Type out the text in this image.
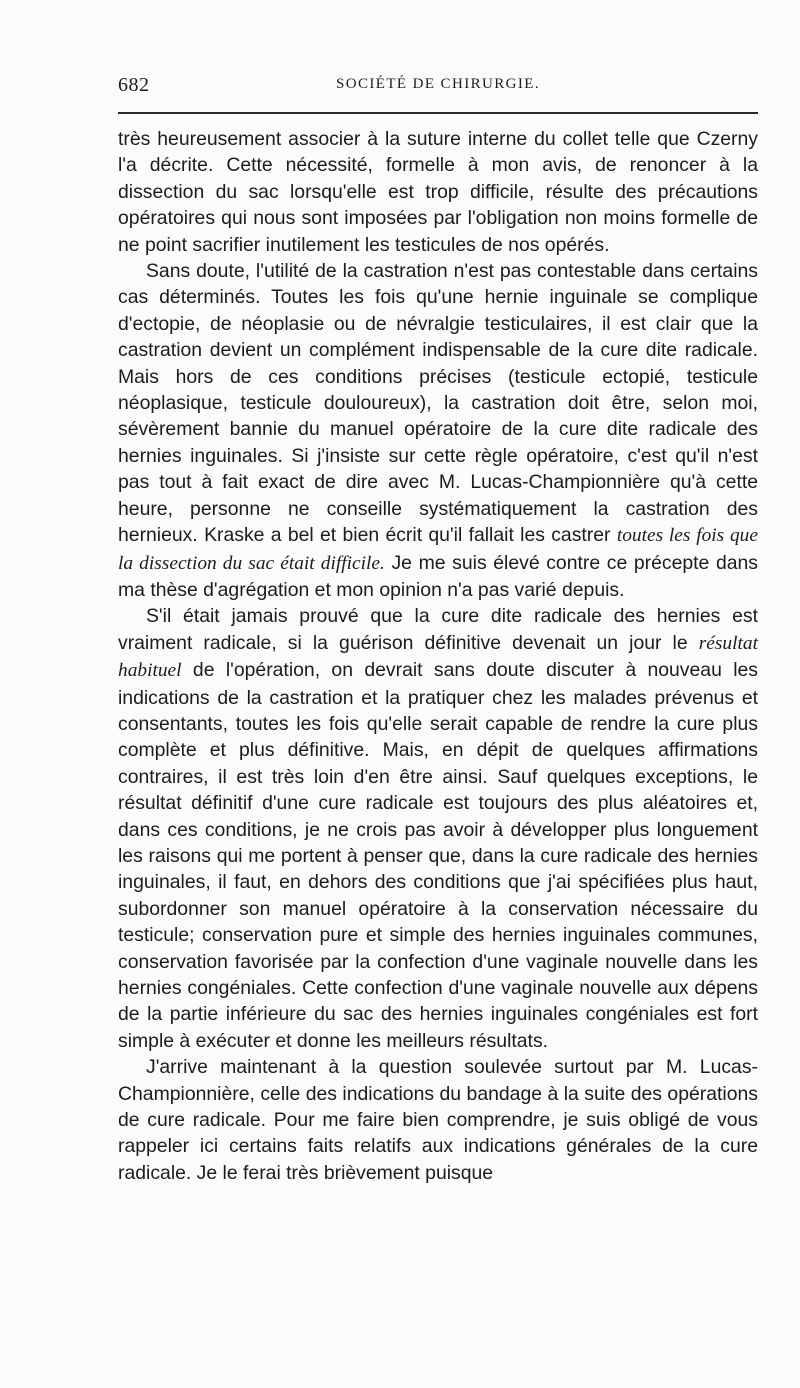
682	SOCIÉTÉ DE CHIRURGIE.

très heureusement associer à la suture interne du collet telle que Czerny l'a décrite. Cette nécessité, formelle à mon avis, de renoncer à la dissection du sac lorsqu'elle est trop difficile, résulte des précautions opératoires qui nous sont imposées par l'obligation non moins formelle de ne point sacrifier inutilement les testicules de nos opérés.

Sans doute, l'utilité de la castration n'est pas contestable dans certains cas déterminés. Toutes les fois qu'une hernie inguinale se complique d'ectopie, de néoplasie ou de névralgie testiculaires, il est clair que la castration devient un complément indispensable de la cure dite radicale. Mais hors de ces conditions précises (testicule ectopié, testicule néoplasique, testicule douloureux), la castration doit être, selon moi, sévèrement bannie du manuel opératoire de la cure dite radicale des hernies inguinales. Si j'insiste sur cette règle opératoire, c'est qu'il n'est pas tout à fait exact de dire avec M. Lucas-Championnière qu'à cette heure, personne ne conseille systématiquement la castration des hernieux. Kraske a bel et bien écrit qu'il fallait les castrer toutes les fois que la dissection du sac était difficile. Je me suis élevé contre ce précepte dans ma thèse d'agrégation et mon opinion n'a pas varié depuis.

S'il était jamais prouvé que la cure dite radicale des hernies est vraiment radicale, si la guérison définitive devenait un jour le résultat habituel de l'opération, on devrait sans doute discuter à nouveau les indications de la castration et la pratiquer chez les malades prévenus et consentants, toutes les fois qu'elle serait capable de rendre la cure plus complète et plus définitive. Mais, en dépit de quelques affirmations contraires, il est très loin d'en être ainsi. Sauf quelques exceptions, le résultat définitif d'une cure radicale est toujours des plus aléatoires et, dans ces conditions, je ne crois pas avoir à développer plus longuement les raisons qui me portent à penser que, dans la cure radicale des hernies inguinales, il faut, en dehors des conditions que j'ai spécifiées plus haut, subordonner son manuel opératoire à la conservation nécessaire du testicule; conservation pure et simple des hernies inguinales communes, conservation favorisée par la confection d'une vaginale nouvelle dans les hernies congéniales. Cette confection d'une vaginale nouvelle aux dépens de la partie inférieure du sac des hernies inguinales congéniales est fort simple à exécuter et donne les meilleurs résultats.

J'arrive maintenant à la question soulevée surtout par M. Lucas-Championnière, celle des indications du bandage à la suite des opérations de cure radicale. Pour me faire bien comprendre, je suis obligé de vous rappeler ici certains faits relatifs aux indications générales de la cure radicale. Je le ferai très brièvement puisque
